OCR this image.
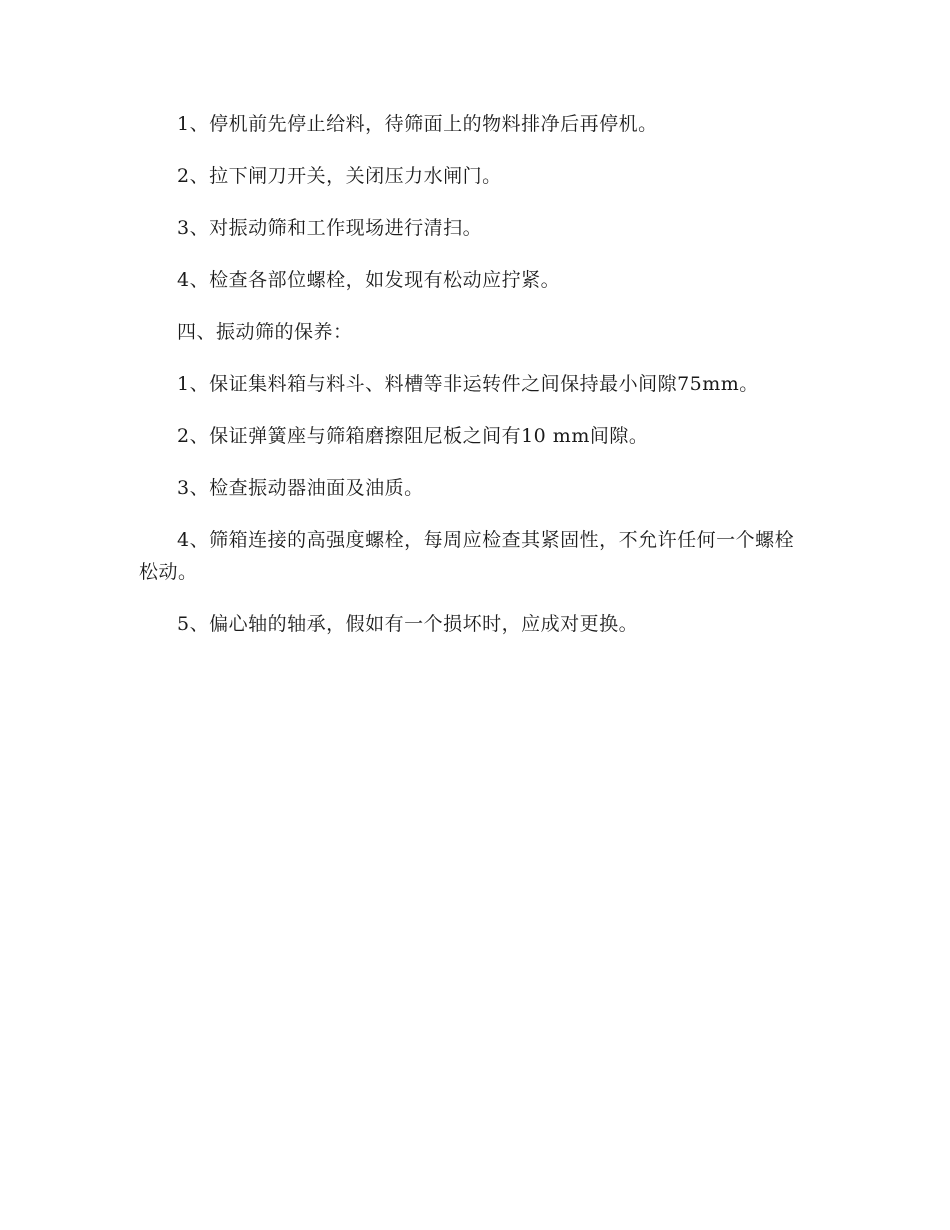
1、停机前先停止给料，待筛面上的物料排净后再停机。

2、拉下闸刀开关，关闭压力水闸门。

3、对振动筛和工作现场进行清扫。

4、检查各部位螺栓，如发现有松动应拧紧。

四、振动筛的保养：

1、保证集料箱与料斗、料槽等非运转件之间保持最小间隙75mm。

2、保证弹簧座与筛箱磨擦阻尼板之间有10 mm间隙。

3、检查振动器油面及油质。

4、筛箱连接的高强度螺栓，每周应检查其紧固性，不允许任何一个螺栓松动。

5、偏心轴的轴承，假如有一个损坏时，应成对更换。
